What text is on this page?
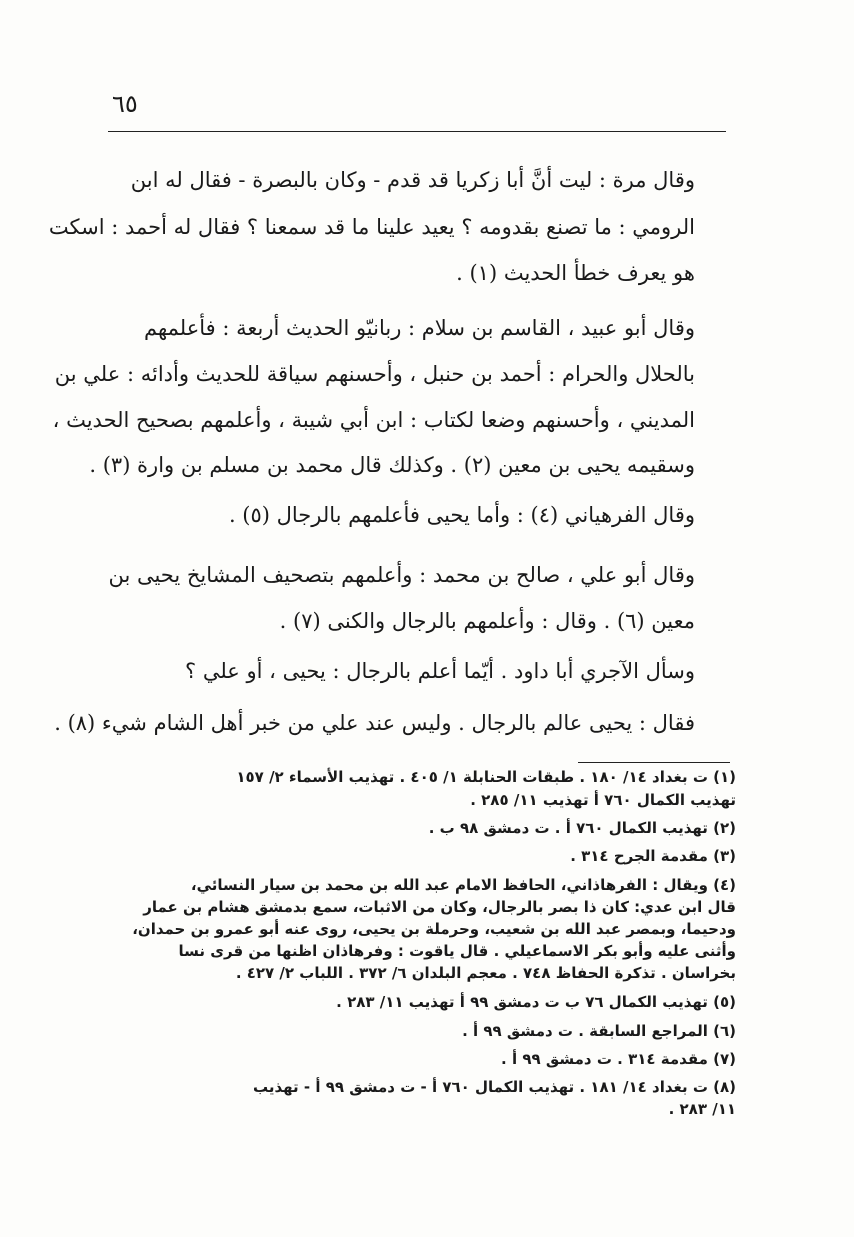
٦٥
وقال مرة : ليت أنَّ أبا زكريا قد قدم - وكان بالبصرة - فقال له ابن
الرومي : ما تصنع بقدومه ؟ يعيد علينا ما قد سمعنا ؟ فقال له أحمد : اسكت
هو يعرف خطأ الحديث (١) .
وقال أبو عبيد ، القاسم بن سلام : ربانيّو الحديث أربعة : فأعلمهم
بالحلال والحرام : أحمد بن حنبل ، وأحسنهم سياقة للحديث وأدائه : علي بن
المديني ، وأحسنهم وضعا لكتاب : ابن أبي شيبة ، وأعلمهم بصحيح الحديث ،
وسقيمه يحيى بن معين (٢) . وكذلك قال محمد بن مسلم بن وارة (٣) .
وقال الفرهياني (٤) : وأما يحيى فأعلمهم بالرجال (٥) .
وقال أبو علي ، صالح بن محمد : وأعلمهم بتصحيف المشايخ يحيى بن
معين (٦) . وقال : وأعلمهم بالرجال والكنى (٧) .
وسأل الآجري أبا داود . أيّما أعلم بالرجال : يحيى ، أو علي ؟
فقال : يحيى عالم بالرجال . وليس عند علي من خبر أهل الشام شيء (٨) .
(١) ت بغداد ١٤/ ١٨٠ . طبقات الحنابلة ١/ ٤٠٥ . تهذيب الأسماء ٢/ ١٥٧
تهذيب الكمال ٧٦٠ أ تهذيب ١١/ ٢٨٥ .
(٢) تهذيب الكمال ٧٦٠ أ . ت دمشق ٩٨ ب .
(٣) مقدمة الجرح ٣١٤ .
(٤) ويقال : الفرهاذاني، الحافظ الامام عبد الله بن محمد بن سيار النسائي،
قال ابن عدي: كان ذا بصر بالرجال، وكان من الاثبات، سمع بدمشق هشام بن عمار
ودحيما، وبمصر عبد الله بن شعيب، وحرملة بن يحيى، روى عنه أبو عمرو بن حمدان،
وأثنى عليه وأبو بكر الاسماعيلي . قال ياقوت : وفرهاذان اظنها من قرى نسا
بخراسان . تذكرة الحفاظ ٧٤٨ . معجم البلدان ٦/ ٣٧٢ . اللباب ٢/ ٤٢٧ .
(٥) تهذيب الكمال ٧٦ ب ت دمشق ٩٩ أ تهذيب ١١/ ٢٨٣ .
(٦) المراجع السابقة . ت دمشق ٩٩ أ .
(٧) مقدمة ٣١٤ . ت دمشق ٩٩ أ .
(٨) ت بغداد ١٤/ ١٨١ . تهذيب الكمال ٧٦٠ أ - ت دمشق ٩٩ أ - تهذيب
١١/ ٢٨٣ .
